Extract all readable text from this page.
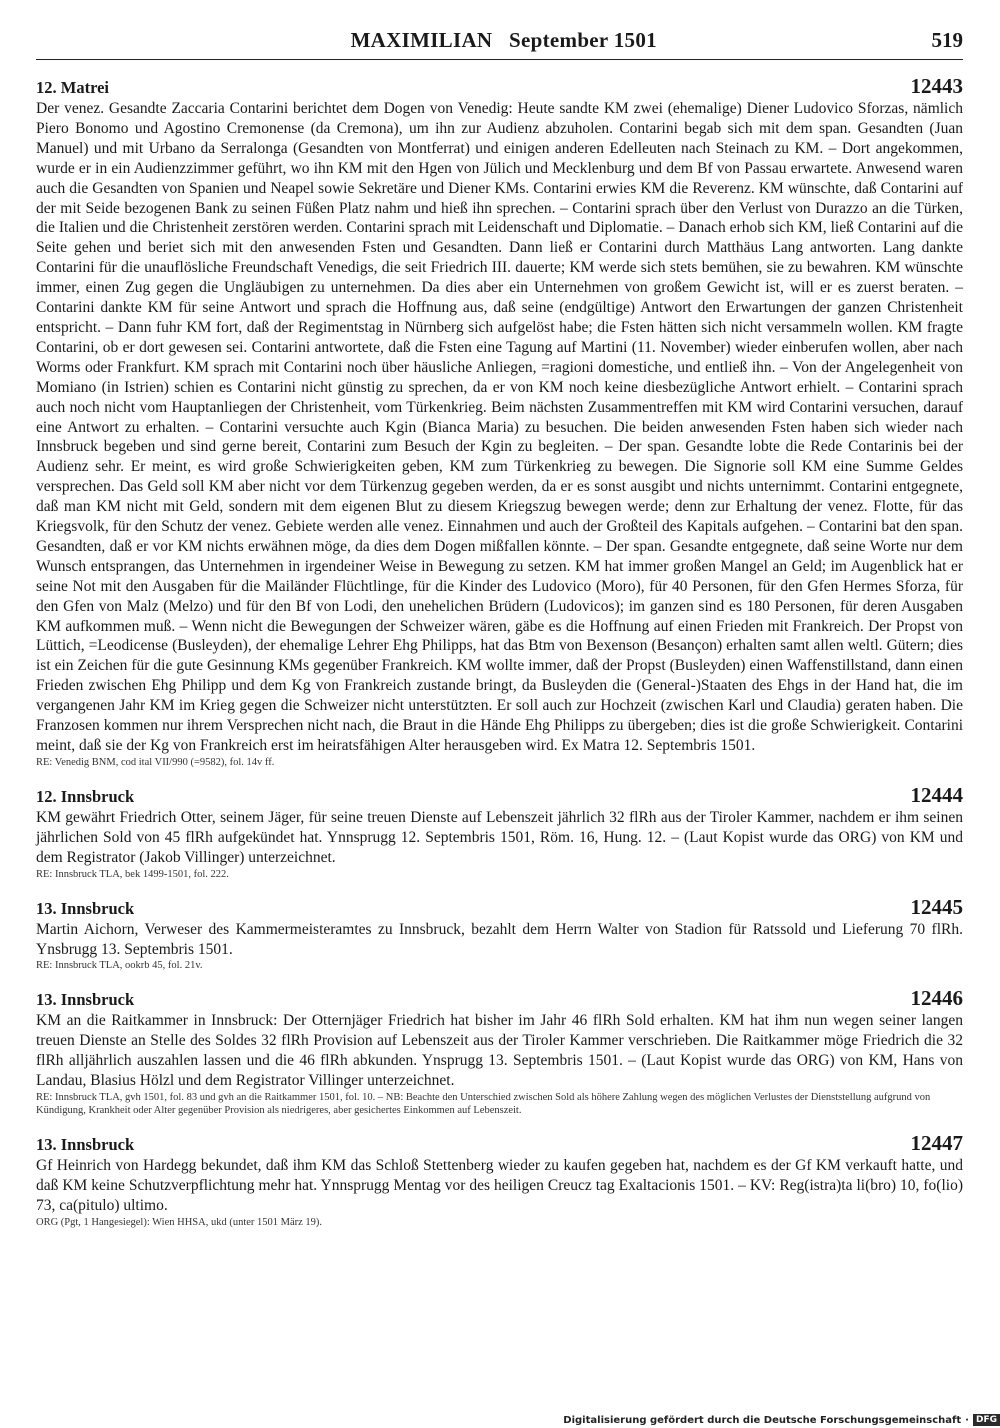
MAXIMILIAN   September 1501	519
12. Matrei	12443

Der venez. Gesandte Zaccaria Contarini berichtet dem Dogen von Venedig: Heute sandte KM zwei (ehemalige) Diener Ludovico Sforzas, nämlich Piero Bonomo und Agostino Cremonense (da Cremona), um ihn zur Audienz abzuholen. Contarini begab sich mit dem span. Gesandten (Juan Manuel) und mit Urbano da Serralonga (Gesandten von Montferrat) und einigen anderen Edelleuten nach Steinach zu KM. – Dort angekommen, wurde er in ein Audienzzimmer geführt, wo ihn KM mit den Hgen von Jülich und Mecklenburg und dem Bf von Passau erwartete. Anwesend waren auch die Gesandten von Spanien und Neapel sowie Sekretäre und Diener KMs. Contarini erwies KM die Reverenz. KM wünschte, daß Contarini auf der mit Seide bezogenen Bank zu seinen Füßen Platz nahm und hieß ihn sprechen. – Contarini sprach über den Verlust von Durazzo an die Türken, die Italien und die Christenheit zerstören werden. Contarini sprach mit Leidenschaft und Diplomatie. – Danach erhob sich KM, ließ Contarini auf die Seite gehen und beriet sich mit den anwesenden Fsten und Gesandten. Dann ließ er Contarini durch Matthäus Lang antworten. Lang dankte Contarini für die unauflösliche Freundschaft Venedigs, die seit Friedrich III. dauerte; KM werde sich stets bemühen, sie zu bewahren. KM wünschte immer, einen Zug gegen die Ungläubigen zu unternehmen. Da dies aber ein Unternehmen von großem Gewicht ist, will er es zuerst beraten. – Contarini dankte KM für seine Antwort und sprach die Hoffnung aus, daß seine (endgültige) Antwort den Erwartungen der ganzen Christenheit entspricht. – Dann fuhr KM fort, daß der Regimentstag in Nürnberg sich aufgelöst habe; die Fsten hätten sich nicht versammeln wollen. KM fragte Contarini, ob er dort gewesen sei. Contarini antwortete, daß die Fsten eine Tagung auf Martini (11. November) wieder einberufen wollen, aber nach Worms oder Frankfurt. KM sprach mit Contarini noch über häusliche Anliegen, =ragioni domestiche, und entließ ihn. – Von der Angelegenheit von Momiano (in Istrien) schien es Contarini nicht günstig zu sprechen, da er von KM noch keine diesbezügliche Antwort erhielt. – Contarini sprach auch noch nicht vom Hauptanliegen der Christenheit, vom Türkenkrieg. Beim nächsten Zusammentreffen mit KM wird Contarini versuchen, darauf eine Antwort zu erhalten. – Contarini versuchte auch Kgin (Bianca Maria) zu besuchen. Die beiden anwesenden Fsten haben sich wieder nach Innsbruck begeben und sind gerne bereit, Contarini zum Besuch der Kgin zu begleiten. – Der span. Gesandte lobte die Rede Contarinis bei der Audienz sehr. Er meint, es wird große Schwierigkeiten geben, KM zum Türkenkrieg zu bewegen. Die Signorie soll KM eine Summe Geldes versprechen. Das Geld soll KM aber nicht vor dem Türkenzug gegeben werden, da er es sonst ausgibt und nichts unternimmt. Contarini entgegnete, daß man KM nicht mit Geld, sondern mit dem eigenen Blut zu diesem Kriegszug bewegen werde; denn zur Erhaltung der venez. Flotte, für das Kriegsvolk, für den Schutz der venez. Gebiete werden alle venez. Einnahmen und auch der Großteil des Kapitals aufgehen. – Contarini bat den span. Gesandten, daß er vor KM nichts erwähnen möge, da dies dem Dogen mißfallen könnte. – Der span. Gesandte entgegnete, daß seine Worte nur dem Wunsch entsprangen, das Unternehmen in irgendeiner Weise in Bewegung zu setzen. KM hat immer großen Mangel an Geld; im Augenblick hat er seine Not mit den Ausgaben für die Mailänder Flüchtlinge, für die Kinder des Ludovico (Moro), für 40 Personen, für den Gfen Hermes Sforza, für den Gfen von Malz (Melzo) und für den Bf von Lodi, den unehelichen Brüdern (Ludovicos); im ganzen sind es 180 Personen, für deren Ausgaben KM aufkommen muß. – Wenn nicht die Bewegungen der Schweizer wären, gäbe es die Hoffnung auf einen Frieden mit Frankreich. Der Propst von Lüttich, =Leodicense (Busleyden), der ehemalige Lehrer Ehg Philipps, hat das Btm von Bexenson (Besançon) erhalten samt allen weltl. Gütern; dies ist ein Zeichen für die gute Gesinnung KMs gegenüber Frankreich. KM wollte immer, daß der Propst (Busleyden) einen Waffenstillstand, dann einen Frieden zwischen Ehg Philipp und dem Kg von Frankreich zustande bringt, da Busleyden die (General-)Staaten des Ehgs in der Hand hat, die im vergangenen Jahr KM im Krieg gegen die Schweizer nicht unterstützten. Er soll auch zur Hochzeit (zwischen Karl und Claudia) geraten haben. Die Franzosen kommen nur ihrem Versprechen nicht nach, die Braut in die Hände Ehg Philipps zu übergeben; dies ist die große Schwierigkeit. Contarini meint, daß sie der Kg von Frankreich erst im heiratsfähigen Alter herausgeben wird. Ex Matra 12. Septembris 1501.

RE: Venedig BNM, cod ital VII/990 (=9582), fol. 14v ff.

12. Innsbruck	12444

KM gewährt Friedrich Otter, seinem Jäger, für seine treuen Dienste auf Lebenszeit jährlich 32 flRh aus der Tiroler Kammer, nachdem er ihm seinen jährlichen Sold von 45 flRh aufgekündet hat. Ynnsprugg 12. Septembris 1501, Röm. 16, Hung. 12. – (Laut Kopist wurde das ORG) von KM und dem Registrator (Jakob Villinger) unterzeichnet.

RE: Innsbruck TLA, bek 1499-1501, fol. 222.

13. Innsbruck	12445

Martin Aichorn, Verweser des Kammermeisteramtes zu Innsbruck, bezahlt dem Herrn Walter von Stadion für Ratssold und Lieferung 70 flRh. Ynsbrugg 13. Septembris 1501.

RE: Innsbruck TLA, ookrb 45, fol. 21v.

13. Innsbruck	12446

KM an die Raitkammer in Innsbruck: Der Otternjäger Friedrich hat bisher im Jahr 46 flRh Sold erhalten. KM hat ihm nun wegen seiner langen treuen Dienste an Stelle des Soldes 32 flRh Provision auf Lebenszeit aus der Tiroler Kammer verschrieben. Die Raitkammer möge Friedrich die 32 flRh alljährlich auszahlen lassen und die 46 flRh abkunden. Ynsprugg 13. Septembris 1501. – (Laut Kopist wurde das ORG) von KM, Hans von Landau, Blasius Hölzl und dem Registrator Villinger unterzeichnet.

RE: Innsbruck TLA, gvh 1501, fol. 83 und gvh an die Raitkammer 1501, fol. 10. – NB: Beachte den Unterschied zwischen Sold als höhere Zahlung wegen des möglichen Verlustes der Dienststellung aufgrund von Kündigung, Krankheit oder Alter gegenüber Provision als niedrigeres, aber gesichertes Einkommen auf Lebenszeit.

13. Innsbruck	12447

Gf Heinrich von Hardegg bekundet, daß ihm KM das Schloß Stettenberg wieder zu kaufen gegeben hat, nachdem es der Gf KM verkauft hatte, und daß KM keine Schutzverpflichtung mehr hat. Ynnsprugg Mentag vor des heiligen Creucz tag Exaltacionis 1501. – KV: Reg(istra)ta li(bro) 10, fo(lio) 73, ca(pitulo) ultimo.

ORG (Pgt, 1 Hangesiegel): Wien HHSA, ukd (unter 1501 März 19).

Digitalisierung gefördert durch die Deutsche Forschungsgemeinschaft · DFG
